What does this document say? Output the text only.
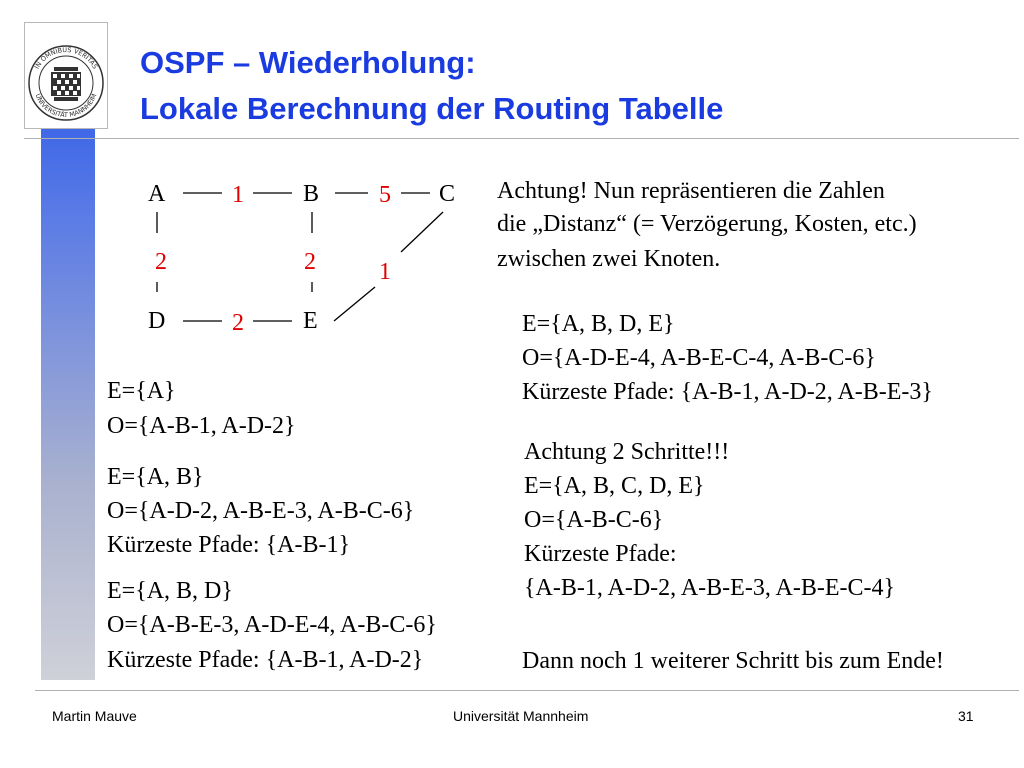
IN OMNIBUS VERITAS
UNIVERSITÄT MANNHEIM
OSPF – Wiederholung:
Lokale Berechnung der Routing Tabelle
A	B	C
D	E
1	5
2	2	1
2
Achtung! Nun repräsentieren die Zahlen
die „Distanz“ (= Verzögerung, Kosten, etc.)
zwischen zwei Knoten.
E={A}
O={A-B-1, A-D-2}
E={A, B}
O={A-D-2, A-B-E-3, A-B-C-6}
Kürzeste Pfade: {A-B-1}
E={A, B, D}
O={A-B-E-3, A-D-E-4, A-B-C-6}
Kürzeste Pfade: {A-B-1, A-D-2}
E={A, B, D, E}
O={A-D-E-4, A-B-E-C-4, A-B-C-6}
Kürzeste Pfade: {A-B-1, A-D-2, A-B-E-3}
Achtung 2 Schritte!!!
E={A, B, C, D, E}
O={A-B-C-6}
Kürzeste Pfade:
{A-B-1, A-D-2, A-B-E-3, A-B-E-C-4}
Dann noch 1 weiterer Schritt bis zum Ende!
Martin Mauve	Universität Mannheim	31
